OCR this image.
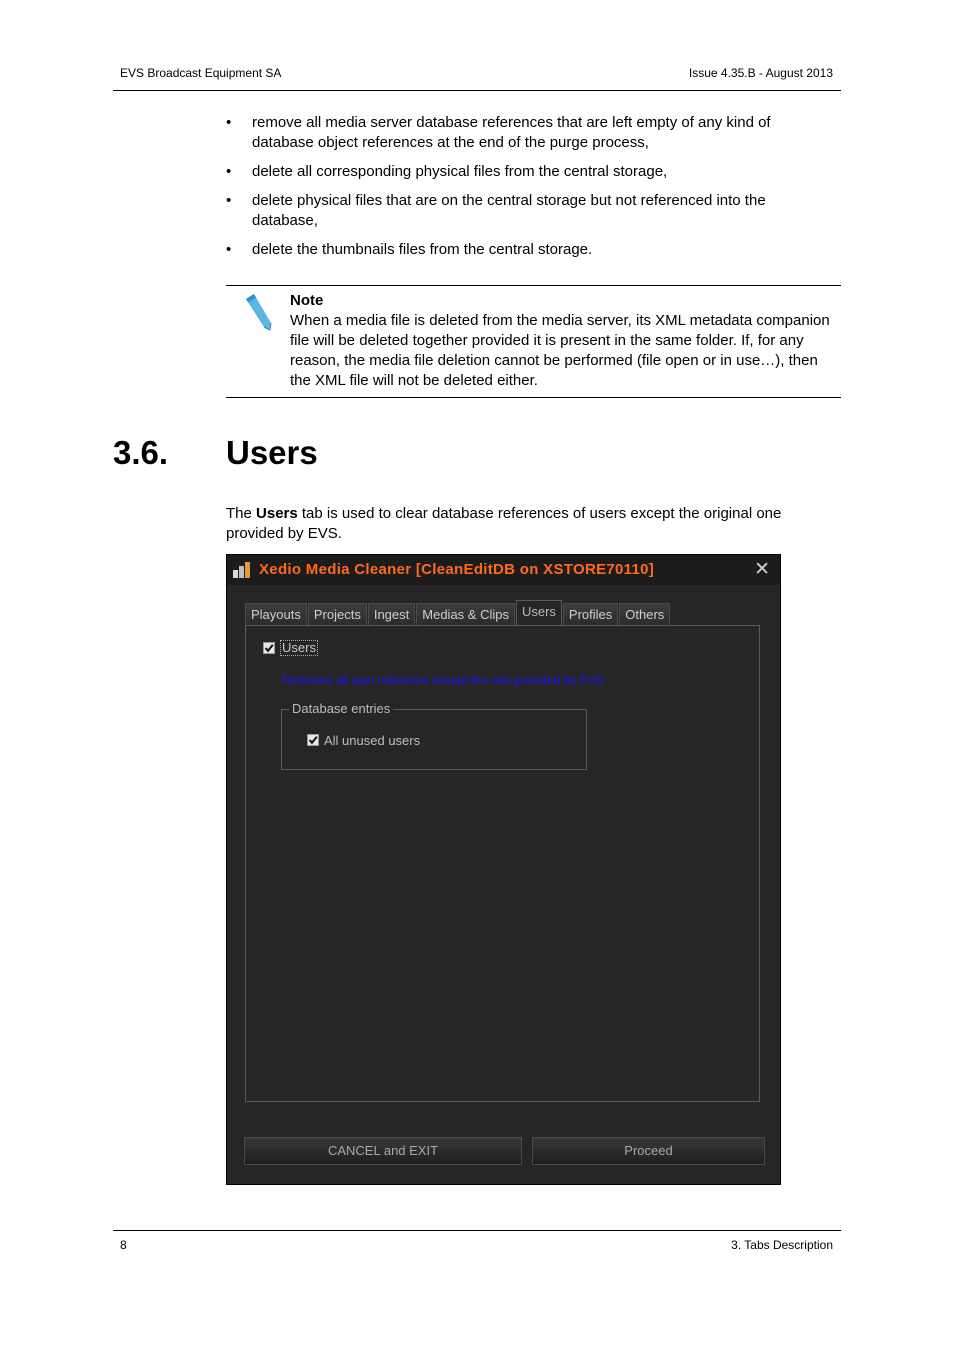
EVS Broadcast Equipment SA	Issue 4.35.B - August 2013
• remove all media server database references that are left empty of any kind of database object references at the end of the purge process,
• delete all corresponding physical files from the central storage,
• delete physical files that are on the central storage but not referenced into the database,
• delete the thumbnails files from the central storage.
Note
When a media file is deleted from the media server, its XML metadata companion file will be deleted together provided it is present in the same folder. If, for any reason, the media file deletion cannot be performed (file open or in use…), then the XML file will not be deleted either.
3.6. Users
The Users tab is used to clear database references of users except the original one provided by EVS.
Xedio Media Cleaner [CleanEditDB on XSTORE70110]	✕
Playouts	Projects	Ingest	Medias & Clips	Users	Profiles	Others
Users
Removes all user reference except the one provided by EVS
Database entries
All unused users
CANCEL and EXIT	Proceed
8	3. Tabs Description
